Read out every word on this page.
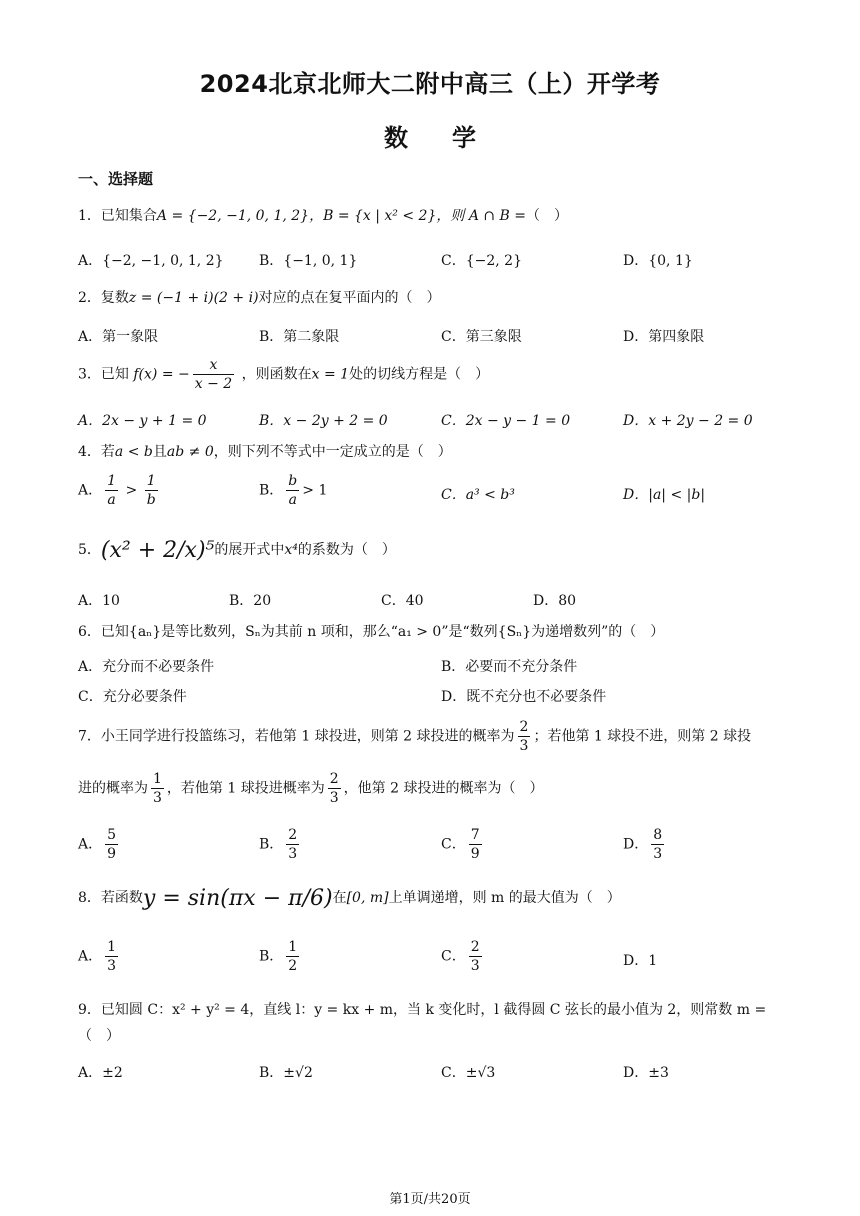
2024北京北师大二附中高三（上）开学考
数学
一、选择题
1．已知集合A = {−2, −1, 0, 1, 2}，B = {x | x² < 2}，则 A ∩ B =（　）
A．{−2, −1, 0, 1, 2}	B．{−1, 0, 1}	C．{−2, 2}	D．{0, 1}
2．复数z = (−1 + i)(2 + i)对应的点在复平面内的（　）
A．第一象限	B．第二象限	C．第三象限	D．第四象限
3．已知 f(x) = − $\frac{x}{x - 2}$ ，则函数在x = 1处的切线方程是（　）
A．2x − y + 1 = 0	B．x − 2y + 2 = 0	C．2x − y − 1 = 0	D．x + 2y − 2 = 0
4．若a < b且ab ≠ 0，则下列不等式中一定成立的是（　）
A． $\frac{1}{a} > \frac{1}{b}$	B． $\frac{b}{a} > 1$	C．a³ < b³	D．|a| < |b|
5．(x² + 2/x)⁵的展开式中x⁴的系数为（　）
A．10	B．20	C．40	D．80
6．已知{aₙ}是等比数列，Sₙ为其前 n 项和，那么“a₁ > 0”是“数列{Sₙ}为递增数列”的（　）
A．充分而不必要条件	B．必要而不充分条件
C．充分必要条件	D．既不充分也不必要条件
7．小王同学进行投篮练习，若他第 1 球投进，则第 2 球投进的概率为 $\frac{2}{3}$ ；若他第 1 球投不进，则第 2 球投
进的概率为 $\frac{1}{3}$ ，若他第 1 球投进概率为 $\frac{2}{3}$ ，他第 2 球投进的概率为（　）
A． $\frac{5}{9}$	B． $\frac{2}{3}$	C． $\frac{7}{9}$	D． $\frac{8}{3}$
8．若函数y = sin(πx − π/6)在[0, m]上单调递增，则 m 的最大值为（　）
A． $\frac{1}{3}$	B． $\frac{1}{2}$	C． $\frac{2}{3}$	D．1
9．已知圆 C：x² + y² = 4，直线 l：y = kx + m，当 k 变化时，l 截得圆 C 弦长的最小值为 2，则常数 m =
（　）
A．±2	B．±√2	C．±√3	D．±3
第1页/共20页
